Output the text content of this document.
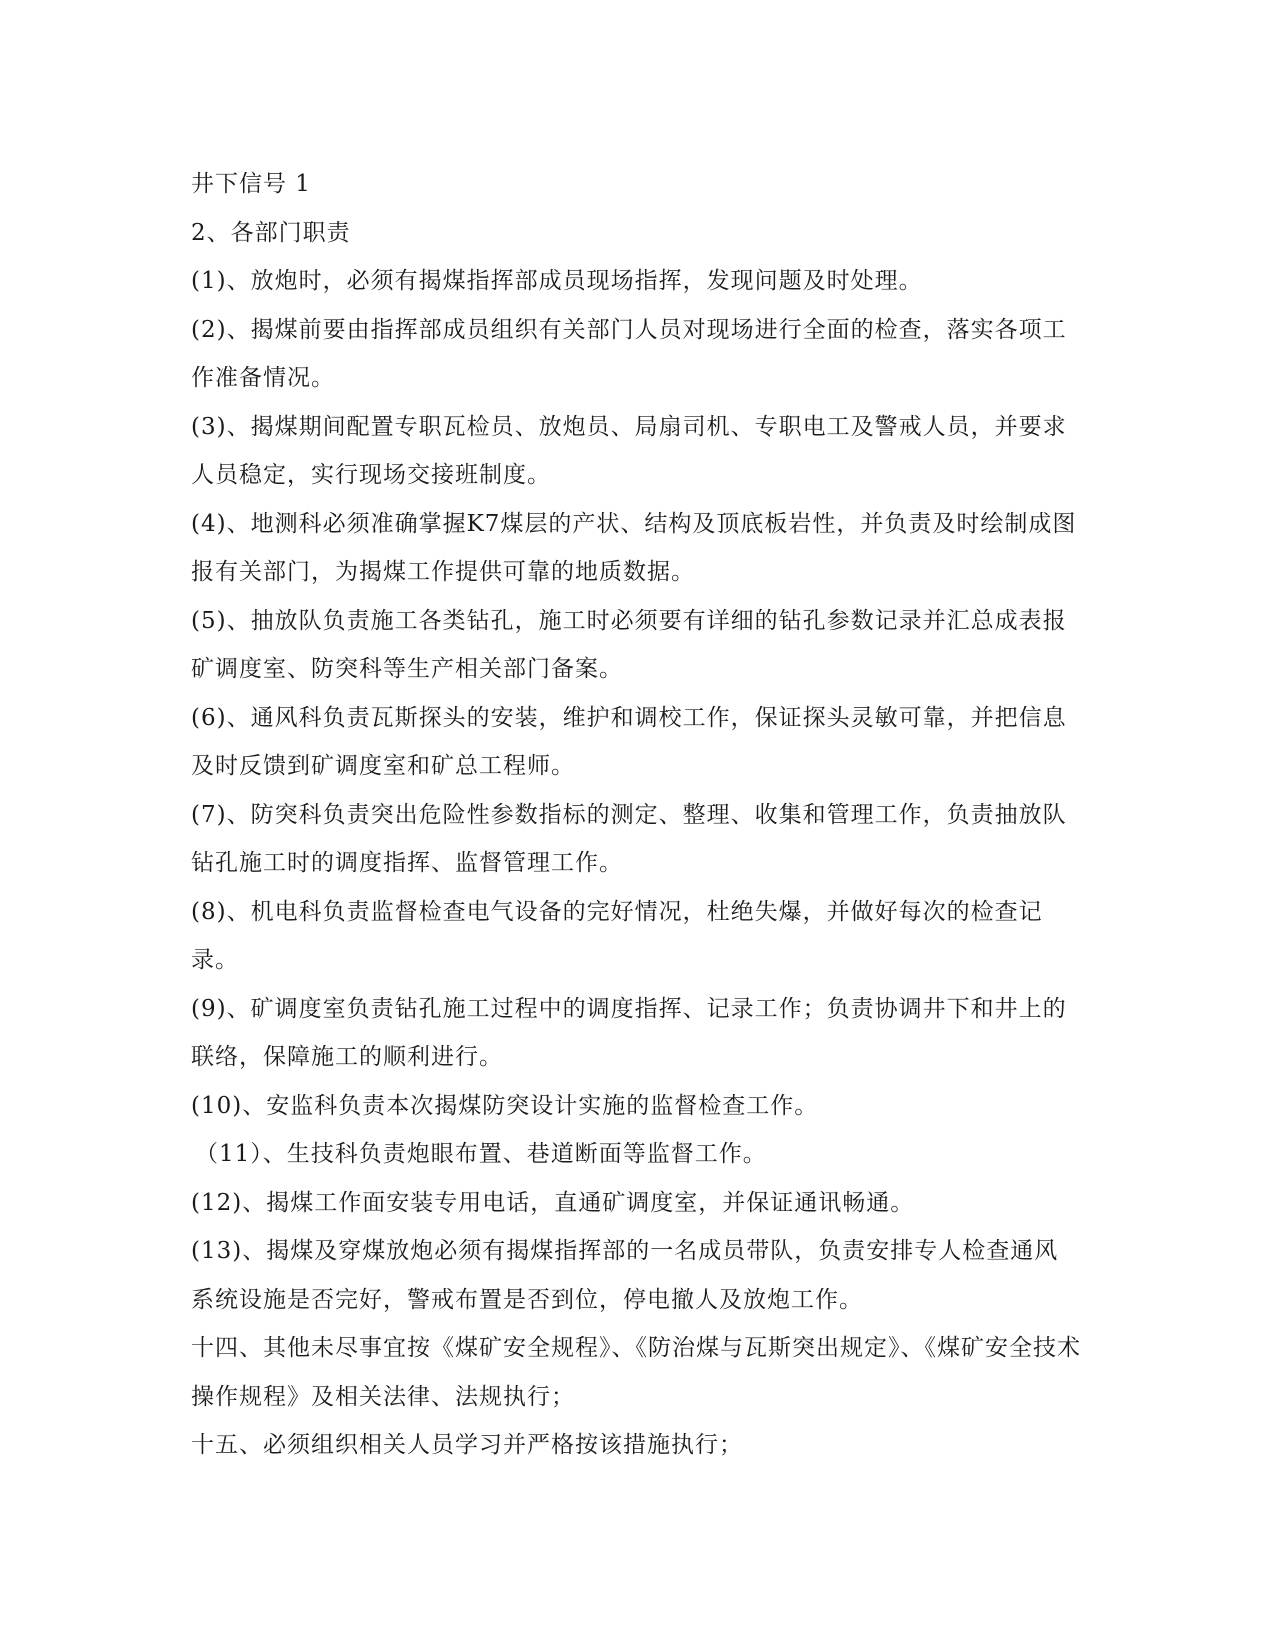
井下信号 1

2、各部门职责

(1)、放炮时，必须有揭煤指挥部成员现场指挥，发现问题及时处理。

(2)、揭煤前要由指挥部成员组织有关部门人员对现场进行全面的检查，落实各项工作准备情况。

(3)、揭煤期间配置专职瓦检员、放炮员、局扇司机、专职电工及警戒人员，并要求人员稳定，实行现场交接班制度。

(4)、地测科必须准确掌握K7煤层的产状、结构及顶底板岩性，并负责及时绘制成图报有关部门，为揭煤工作提供可靠的地质数据。

(5)、抽放队负责施工各类钻孔，施工时必须要有详细的钻孔参数记录并汇总成表报矿调度室、防突科等生产相关部门备案。

(6)、通风科负责瓦斯探头的安装，维护和调校工作，保证探头灵敏可靠，并把信息及时反馈到矿调度室和矿总工程师。

(7)、防突科负责突出危险性参数指标的测定、整理、收集和管理工作，负责抽放队钻孔施工时的调度指挥、监督管理工作。

(8)、机电科负责监督检查电气设备的完好情况，杜绝失爆，并做好每次的检查记录。

(9)、矿调度室负责钻孔施工过程中的调度指挥、记录工作；负责协调井下和井上的联络，保障施工的顺利进行。

(10)、安监科负责本次揭煤防突设计实施的监督检查工作。

（11）、生技科负责炮眼布置、巷道断面等监督工作。

(12)、揭煤工作面安装专用电话，直通矿调度室，并保证通讯畅通。

(13)、揭煤及穿煤放炮必须有揭煤指挥部的一名成员带队，负责安排专人检查通风系统设施是否完好，警戒布置是否到位，停电撤人及放炮工作。

十四、其他未尽事宜按《煤矿安全规程》、《防治煤与瓦斯突出规定》、《煤矿安全技术操作规程》及相关法律、法规执行；

十五、必须组织相关人员学习并严格按该措施执行；
